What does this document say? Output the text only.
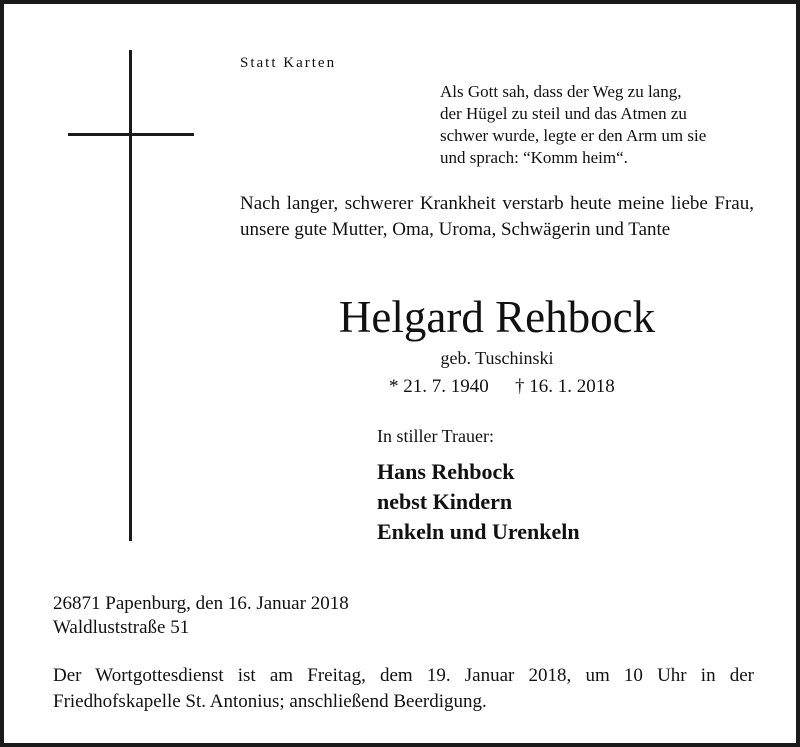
Statt Karten
Als Gott sah, dass der Weg zu lang,
der Hügel zu steil und das Atmen zu
schwer wurde, legte er den Arm um sie
und sprach: “Komm heim“.
Nach langer, schwerer Krankheit verstarb heute meine liebe Frau, unsere gute Mutter, Oma, Uroma, Schwägerin und Tante
Helgard Rehbock
geb. Tuschinski
* 21. 7. 1940 † 16. 1. 2018
In stiller Trauer:
Hans Rehbock
nebst Kindern
Enkeln und Urenkeln
26871 Papenburg, den 16. Januar 2018
Waldluststraße 51
Der Wortgottesdienst ist am Freitag, dem 19. Januar 2018, um 10 Uhr in der Friedhofskapelle St. Antonius; anschließend Beerdigung.
